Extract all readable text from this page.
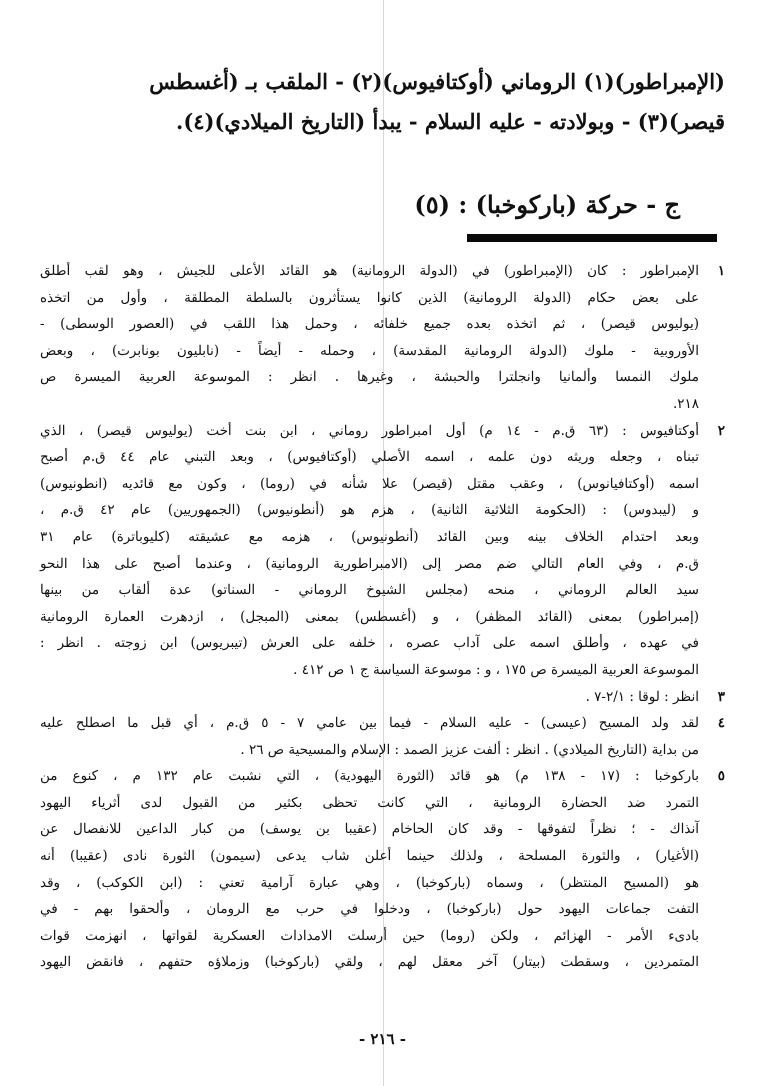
(الإمبراطور)(١) الروماني (أوكتافيوس)(٢) - الملقب بـ (أغسطس
قيصر)(٣) - وبولادته - عليه السلام - يبدأ (التاريخ الميلادي)(٤).
ج - حركة (باركوخبا) : (٥)
١
الإمبراطور : كان (الإمبراطور) في (الدولة الرومانية) هو القائد الأعلى للجيش ، وهو لقب أطلق
على بعض حكام (الدولة الرومانية) الذين كانوا يستأثرون بالسلطة المطلقة ، وأول من اتخذه
(يوليوس قيصر) ، ثم اتخذه بعده جميع خلفائه ، وحمل هذا اللقب في (العصور الوسطى) -
الأوروبية - ملوك (الدولة الرومانية المقدسة) ، وحمله - أيضاً - (نابليون بونابرت) ، وبعض
ملوك النمسا وألمانيا وانجلترا والحبشة ، وغيرها . انظر : الموسوعة العربية الميسرة ص
٢١٨.
٢
أوكتافيوس : (٦٣ ق.م - ١٤ م) أول امبراطور روماني ، ابن بنت أخت (يوليوس قيصر) ، الذي
تبناه ، وجعله وريثه دون علمه ، اسمه الأصلي (أوكتافيوس) ، وبعد التبني عام ٤٤ ق.م أصبح
اسمه (أوكتافيانوس) ، وعقب مقتل (قيصر) علا شأنه في (روما) ، وكون مع قائديه (انطونيوس)
و (ليبدوس) : (الحكومة الثلاثية الثانية) ، هزم هو (أنطونيوس) (الجمهوريين) عام ٤٢ ق.م ،
وبعد احتدام الخلاف بينه وبين القائد (أنطونيوس) ، هزمه مع عشيقته (كليوباترة) عام ٣١
ق.م ، وفي العام التالي ضم مصر إلى (الامبراطورية الرومانية) ، وعندما أصبح على هذا النحو
سيد العالم الروماني ، منحه (مجلس الشيوخ الروماني - السناتو) عدة ألقاب من بينها
(إمبراطور) بمعنى (القائد المظفر) ، و (أغسطس) بمعنى (المبجل) ، ازدهرت العمارة الرومانية
في عهده ، وأطلق اسمه على آداب عصره ، خلفه على العرش (تيبريوس) ابن زوجته . انظر :
الموسوعة العربية الميسرة ص ١٧٥ ، و : موسوعة السياسة ج ١ ص ٤١٢ .
٣
انظر : لوقا : ٢/١-٧ .
٤
لقد ولد المسيح (عيسى) - عليه السلام - فيما بين عامي ٧ - ٥ ق.م ، أي قبل ما اصطلح عليه
من بداية (التاريخ الميلادي) . انظر : ألفت عزيز الصمد : الإسلام والمسيحية ص ٢٦ .
٥
باركوخبا : (١٧ - ١٣٨ م) هو قائد (الثورة اليهودية) ، التي نشبت عام ١٣٢ م ، كنوع من
التمرد ضد الحضارة الرومانية ، التي كانت تحظى بكثير من القبول لدى أثرياء اليهود
آنذاك - ؛ نظراً لتفوقها - وقد كان الحاخام (عقيبا بن يوسف) من كبار الداعين للانفصال عن
(الأغيار) ، والثورة المسلحة ، ولذلك حينما أعلن شاب يدعى (سيمون) الثورة نادى (عقيبا) أنه
هو (المسيح المنتظر) ، وسماه (باركوخبا) ، وهي عبارة آرامية تعني : (ابن الكوكب) ، وقد
التفت جماعات اليهود حول (باركوخبا) ، ودخلوا في حرب مع الرومان ، وألحقوا بهم - في
بادىء الأمر - الهزائم ، ولكن (روما) حين أرسلت الامدادات العسكرية لقواتها ، انهزمت قوات
المتمردين ، وسقطت (بيتار) آخر معقل لهم ، ولقي (باركوخبا) وزملاؤه حتفهم ، فانقض اليهود
- ٢١٦ -
